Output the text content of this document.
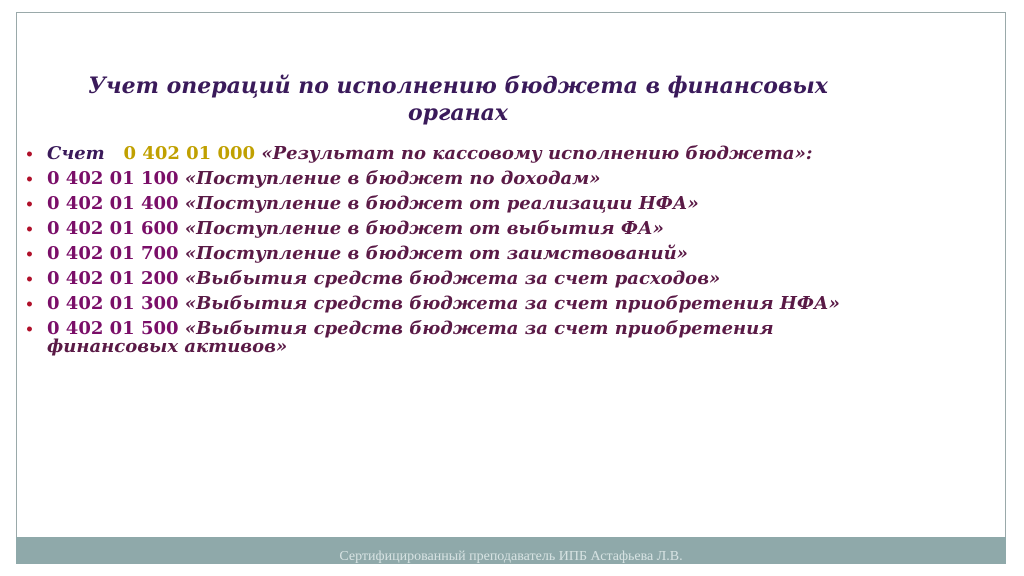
Учет операций по исполнению бюджета в финансовых органах
• Счет 0 402 01 000 «Результат по кассовому исполнению бюджета»:
• 0 402 01 100 «Поступление в бюджет по доходам»
• 0 402 01 400 «Поступление в бюджет от реализации НФА»
• 0 402 01 600 «Поступление в бюджет от выбытия ФА»
• 0 402 01 700 «Поступление в бюджет от заимствований»
• 0 402 01 200 «Выбытия средств бюджета за счет расходов»
• 0 402 01 300 «Выбытия средств бюджета за счет приобретения НФА»
• 0 402 01 500 «Выбытия средств бюджета за счет приобретения финансовых активов»
Сертифицированный преподаватель ИПБ Астафьева Л.В.
